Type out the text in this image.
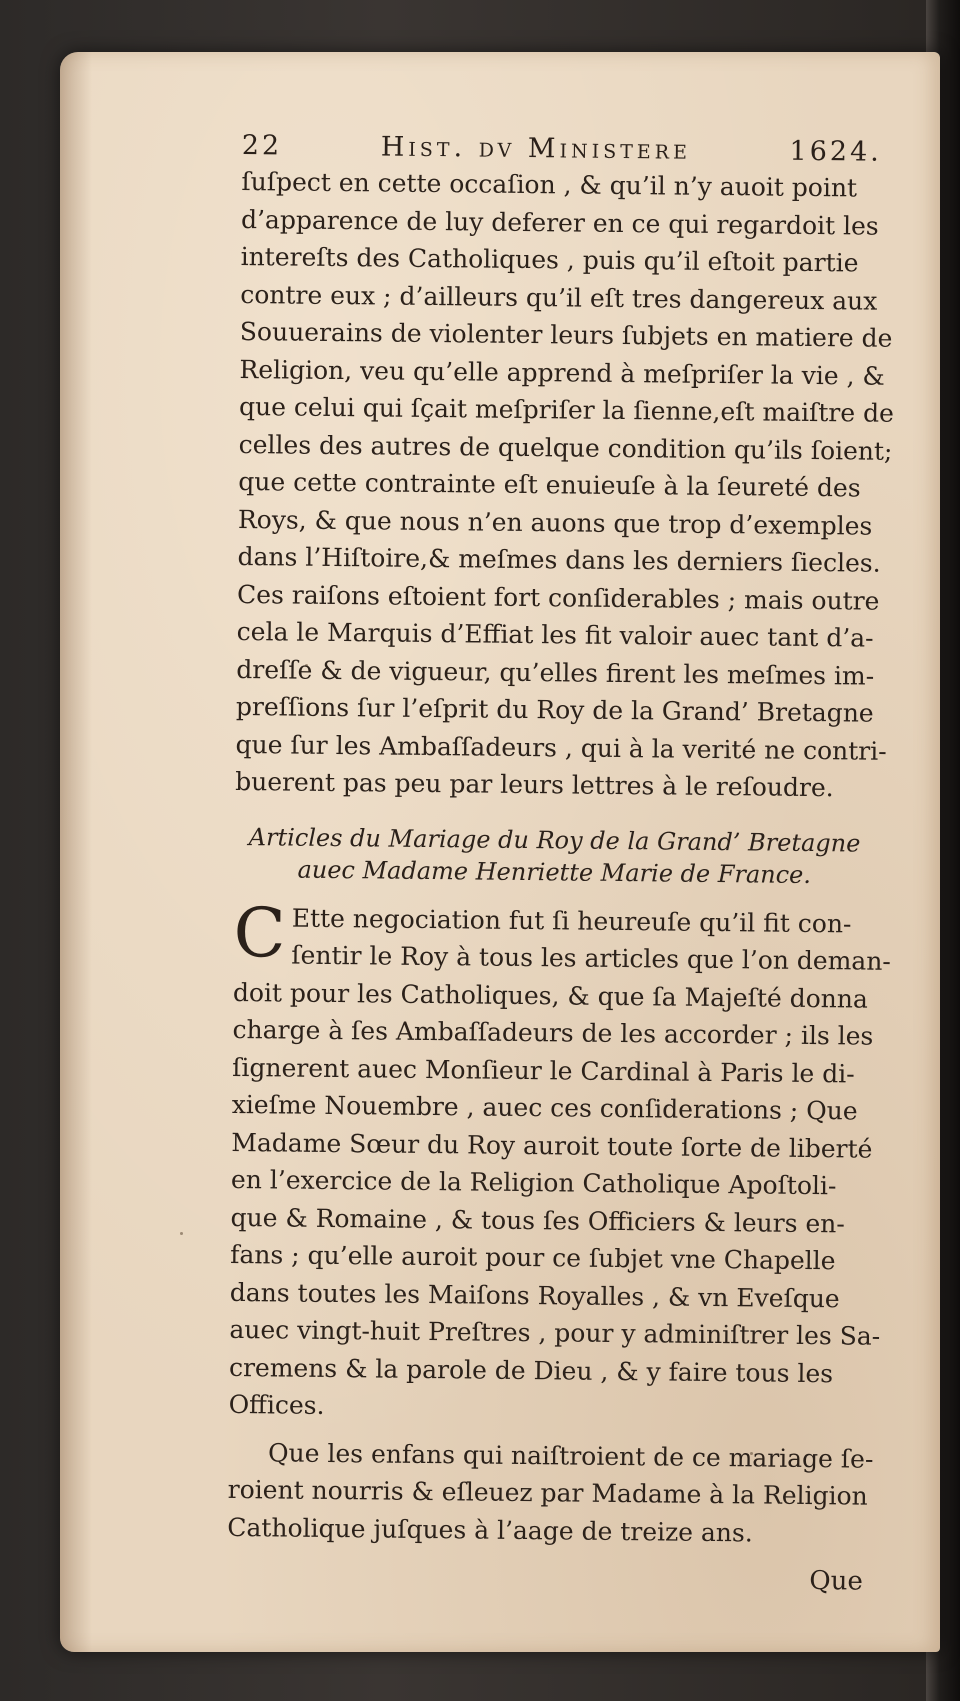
22	Hist. dv Ministere	1624.
ſuſpect en cette occaſion , & qu’il n’y auoit point
d’apparence de luy deferer en ce qui regardoit les
intereſts des Catholiques , puis qu’il eſtoit partie
contre eux ; d’ailleurs qu’il eſt tres dangereux aux
Souuerains de violenter leurs ſubjets en matiere de
Religion, veu qu’elle apprend à meſpriſer la vie , &
que celui qui ſçait meſpriſer la ſienne,eſt maiſtre de
celles des autres de quelque condition qu’ils ſoient;
que cette contrainte eſt enuieuſe à la ſeureté des
Roys, & que nous n’en auons que trop d’exemples
dans l’Hiſtoire,& meſmes dans les derniers ſiecles.
Ces raiſons eſtoient fort conſiderables ; mais outre
cela le Marquis d’Effiat les fit valoir auec tant d’a-
dreſſe & de vigueur, qu’elles firent les meſmes im-
preſſions ſur l’eſprit du Roy de la Grand’ Bretagne
que ſur les Ambaſſadeurs , qui à la verité ne contri-
buerent pas peu par leurs lettres à le reſoudre.
Articles du Mariage du Roy de la Grand’ Bretagne
auec Madame Henriette Marie de France.
C Ette negociation fut ſi heureuſe qu’il fit con-
ſentir le Roy à tous les articles que l’on deman-
doit pour les Catholiques, & que ſa Majeſté donna
charge à ſes Ambaſſadeurs de les accorder ; ils les
ſignerent auec Monſieur le Cardinal à Paris le di-
xieſme Nouembre , auec ces conſiderations ; Que
Madame Sœur du Roy auroit toute ſorte de liberté
en l’exercice de la Religion Catholique Apoſtoli-
que & Romaine , & tous ſes Officiers & leurs en-
fans ; qu’elle auroit pour ce ſubjet vne Chapelle
dans toutes les Maiſons Royalles , & vn Eveſque
auec vingt-huit Preſtres , pour y adminiſtrer les Sa-
cremens & la parole de Dieu , & y faire tous les
Offices.
Que les enfans qui naiſtroient de ce mariage ſe-
roient nourris & eſleuez par Madame à la Religion
Catholique juſques à l’aage de treize ans.
Que
